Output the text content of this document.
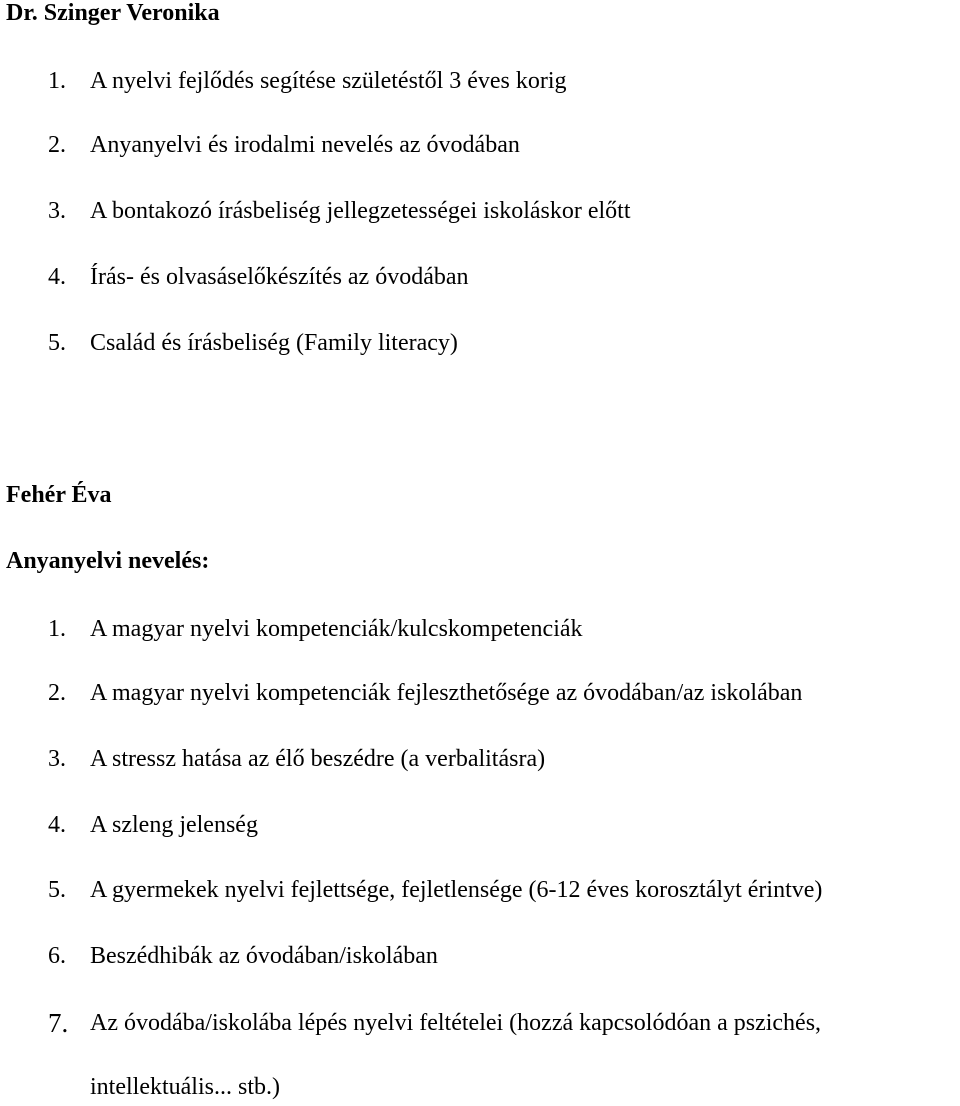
Dr. Szinger Veronika
1. A nyelvi fejlődés segítése születéstől 3 éves korig
2. Anyanyelvi és irodalmi nevelés az óvodában
3. A bontakozó írásbeliség jellegzetességei iskoláskor előtt
4. Írás- és olvasáselőkészítés az óvodában
5. Család és írásbeliség (Family literacy)
Fehér Éva
Anyanyelvi nevelés:
1. A magyar nyelvi kompetenciák/kulcskompetenciák
2. A magyar nyelvi kompetenciák fejleszthetősége az óvodában/az iskolában
3. A stressz hatása az élő beszédre (a verbalitásra)
4. A szleng jelenség
5. A gyermekek nyelvi fejlettsége, fejletlensége (6-12 éves korosztályt érintve)
6. Beszédhibák az óvodában/iskolában
7. Az óvodába/iskolába lépés nyelvi feltételei (hozzá kapcsolódóan a pszichés,

intellektuális... stb.)
